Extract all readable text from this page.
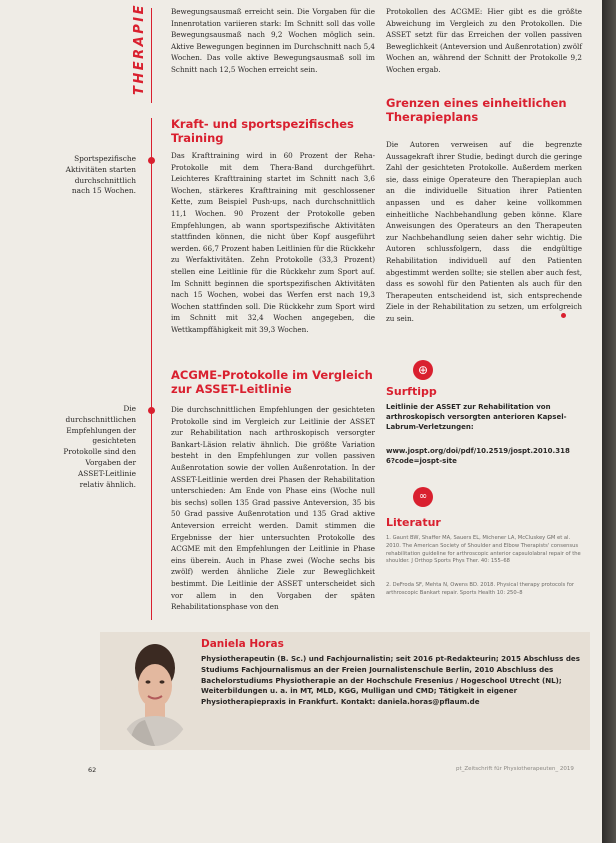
THERAPIE
Sportspezifische Aktivitäten starten durchschnittlich nach 15 Wochen.
Die durchschnittlichen Empfehlungen der gesichteten Protokolle sind den Vorgaben der ASSET-Leitlinie relativ ähnlich.

Bewegungsausmaß erreicht sein. Die Vorgaben für die Innenrotation variieren stark: Im Schnitt soll das volle Bewegungsausmaß nach 9,2 Wochen möglich sein. Aktive Bewegungen beginnen im Durchschnitt nach 5,4 Wochen. Das volle aktive Bewegungsausmaß soll im Schnitt nach 12,5 Wochen erreicht sein.

Kraft- und sportspezifisches Training

Das Krafttraining wird in 60 Prozent der Reha-Protokolle mit dem Thera-Band durchgeführt. Leichteres Krafttraining startet im Schnitt nach 3,6 Wochen, stärkeres Krafttraining mit geschlossener Kette, zum Beispiel Push-ups, nach durchschnittlich 11,1 Wochen. 90 Prozent der Protokolle geben Empfehlungen, ab wann sportspezifische Aktivitäten stattfinden können, die nicht über Kopf ausgeführt werden. 66,7 Prozent haben Leitlinien für die Rückkehr zu Werfaktivitäten. Zehn Protokolle (33,3 Prozent) stellen eine Leitlinie für die Rückkehr zum Sport auf. Im Schnitt beginnen die sportspezifischen Aktivitäten nach 15 Wochen, wobei das Werfen erst nach 19,3 Wochen stattfinden soll. Die Rückkehr zum Sport wird im Schnitt mit 32,4 Wochen angegeben, die Wettkampffähigkeit mit 39,3 Wochen.

ACGME-Protokolle im Vergleich zur ASSET-Leitlinie

Die durchschnittlichen Empfehlungen der gesichteten Protokolle sind im Vergleich zur Leitlinie der ASSET zur Rehabilitation nach arthroskopisch versorgter Bankart-Läsion relativ ähnlich. Die größte Variation besteht in den Empfehlungen zur vollen passiven Außenrotation sowie der vollen Außenrotation. In der ASSET-Leitlinie werden drei Phasen der Rehabilitation unterschieden: Am Ende von Phase eins (Woche null bis sechs) sollen 135 Grad passive Anteversion, 35 bis 50 Grad passive Außenrotation und 135 Grad aktive Anteversion erreicht werden. Damit stimmen die Ergebnisse der hier untersuchten Protokolle des ACGME mit den Empfehlungen der Leitlinie in Phase eins überein. Auch in Phase zwei (Woche sechs bis zwölf) werden ähnliche Ziele zur Beweglichkeit bestimmt. Die Leitlinie der ASSET unterscheidet sich vor allem in den Vorgaben der späten Rehabilitationsphase von den

Protokollen des ACGME: Hier gibt es die größte Abweichung im Vergleich zu den Protokollen. Die ASSET setzt für das Erreichen der vollen passiven Beweglichkeit (Anteversion und Außenrotation) zwölf Wochen an, während der Schnitt der Protokolle 9,2 Wochen ergab.

Grenzen eines einheitlichen Therapieplans

Die Autoren verweisen auf die begrenzte Aussagekraft ihrer Studie, bedingt durch die geringe Zahl der gesichteten Protokolle. Außerdem merken sie, dass einige Operateure den Therapieplan auch an die individuelle Situation ihrer Patienten anpassen und es daher keine vollkommen einheitliche Nachbehandlung geben könne. Klare Anweisungen des Operateurs an den Therapeuten zur Nachbehandlung seien daher sehr wichtig. Die Autoren schlussfolgern, dass die endgültige Rehabilitation individuell auf den Patienten abgestimmt werden sollte; sie stellen aber auch fest, dass es sowohl für den Patienten als auch für den Therapeuten entscheidend ist, sich entsprechende Ziele in der Rehabilitation zu setzen, um erfolgreich zu sein.

⊕
Surftipp
Leitlinie der ASSET zur Rehabilitation von arthroskopisch versorgten anterioren Kapsel-Labrum-Verletzungen:
www.jospt.org/doi/pdf/10.2519/jospt.2010.3186?code=jospt-site
∞
Literatur
1. Gaunt BW, Shaffer MA, Sauers EL, Michener LA, McCluskey GM et al. 2010. The American Society of Shoulder and Elbow Therapists' consensus rehabilitation guideline for arthroscopic anterior capsulolabral repair of the shoulder. J Orthop Sports Phys Ther. 40: 155–68
2. DeFroda SF, Mehta N, Owens BD. 2018. Physical therapy protocols for arthroscopic Bankart repair. Sports Health 10: 250–8
Daniela Horas
Physiotherapeutin (B. Sc.) und Fachjournalistin; seit 2016 pt-Redakteurin; 2015 Abschluss des Studiums Fachjournalismus an der Freien Journalistenschule Berlin, 2010 Abschluss des Bachelorstudiums Physiotherapie an der Hochschule Fresenius / Hogeschool Utrecht (NL); Weiterbildungen u. a. in MT, MLD, KGG, Mulligan und CMD; Tätigkeit in eigener Physiotherapiepraxis in Frankfurt. Kontakt: daniela.horas@pflaum.de
62	pt_Zeitschrift für Physiotherapeuten_ 2019
